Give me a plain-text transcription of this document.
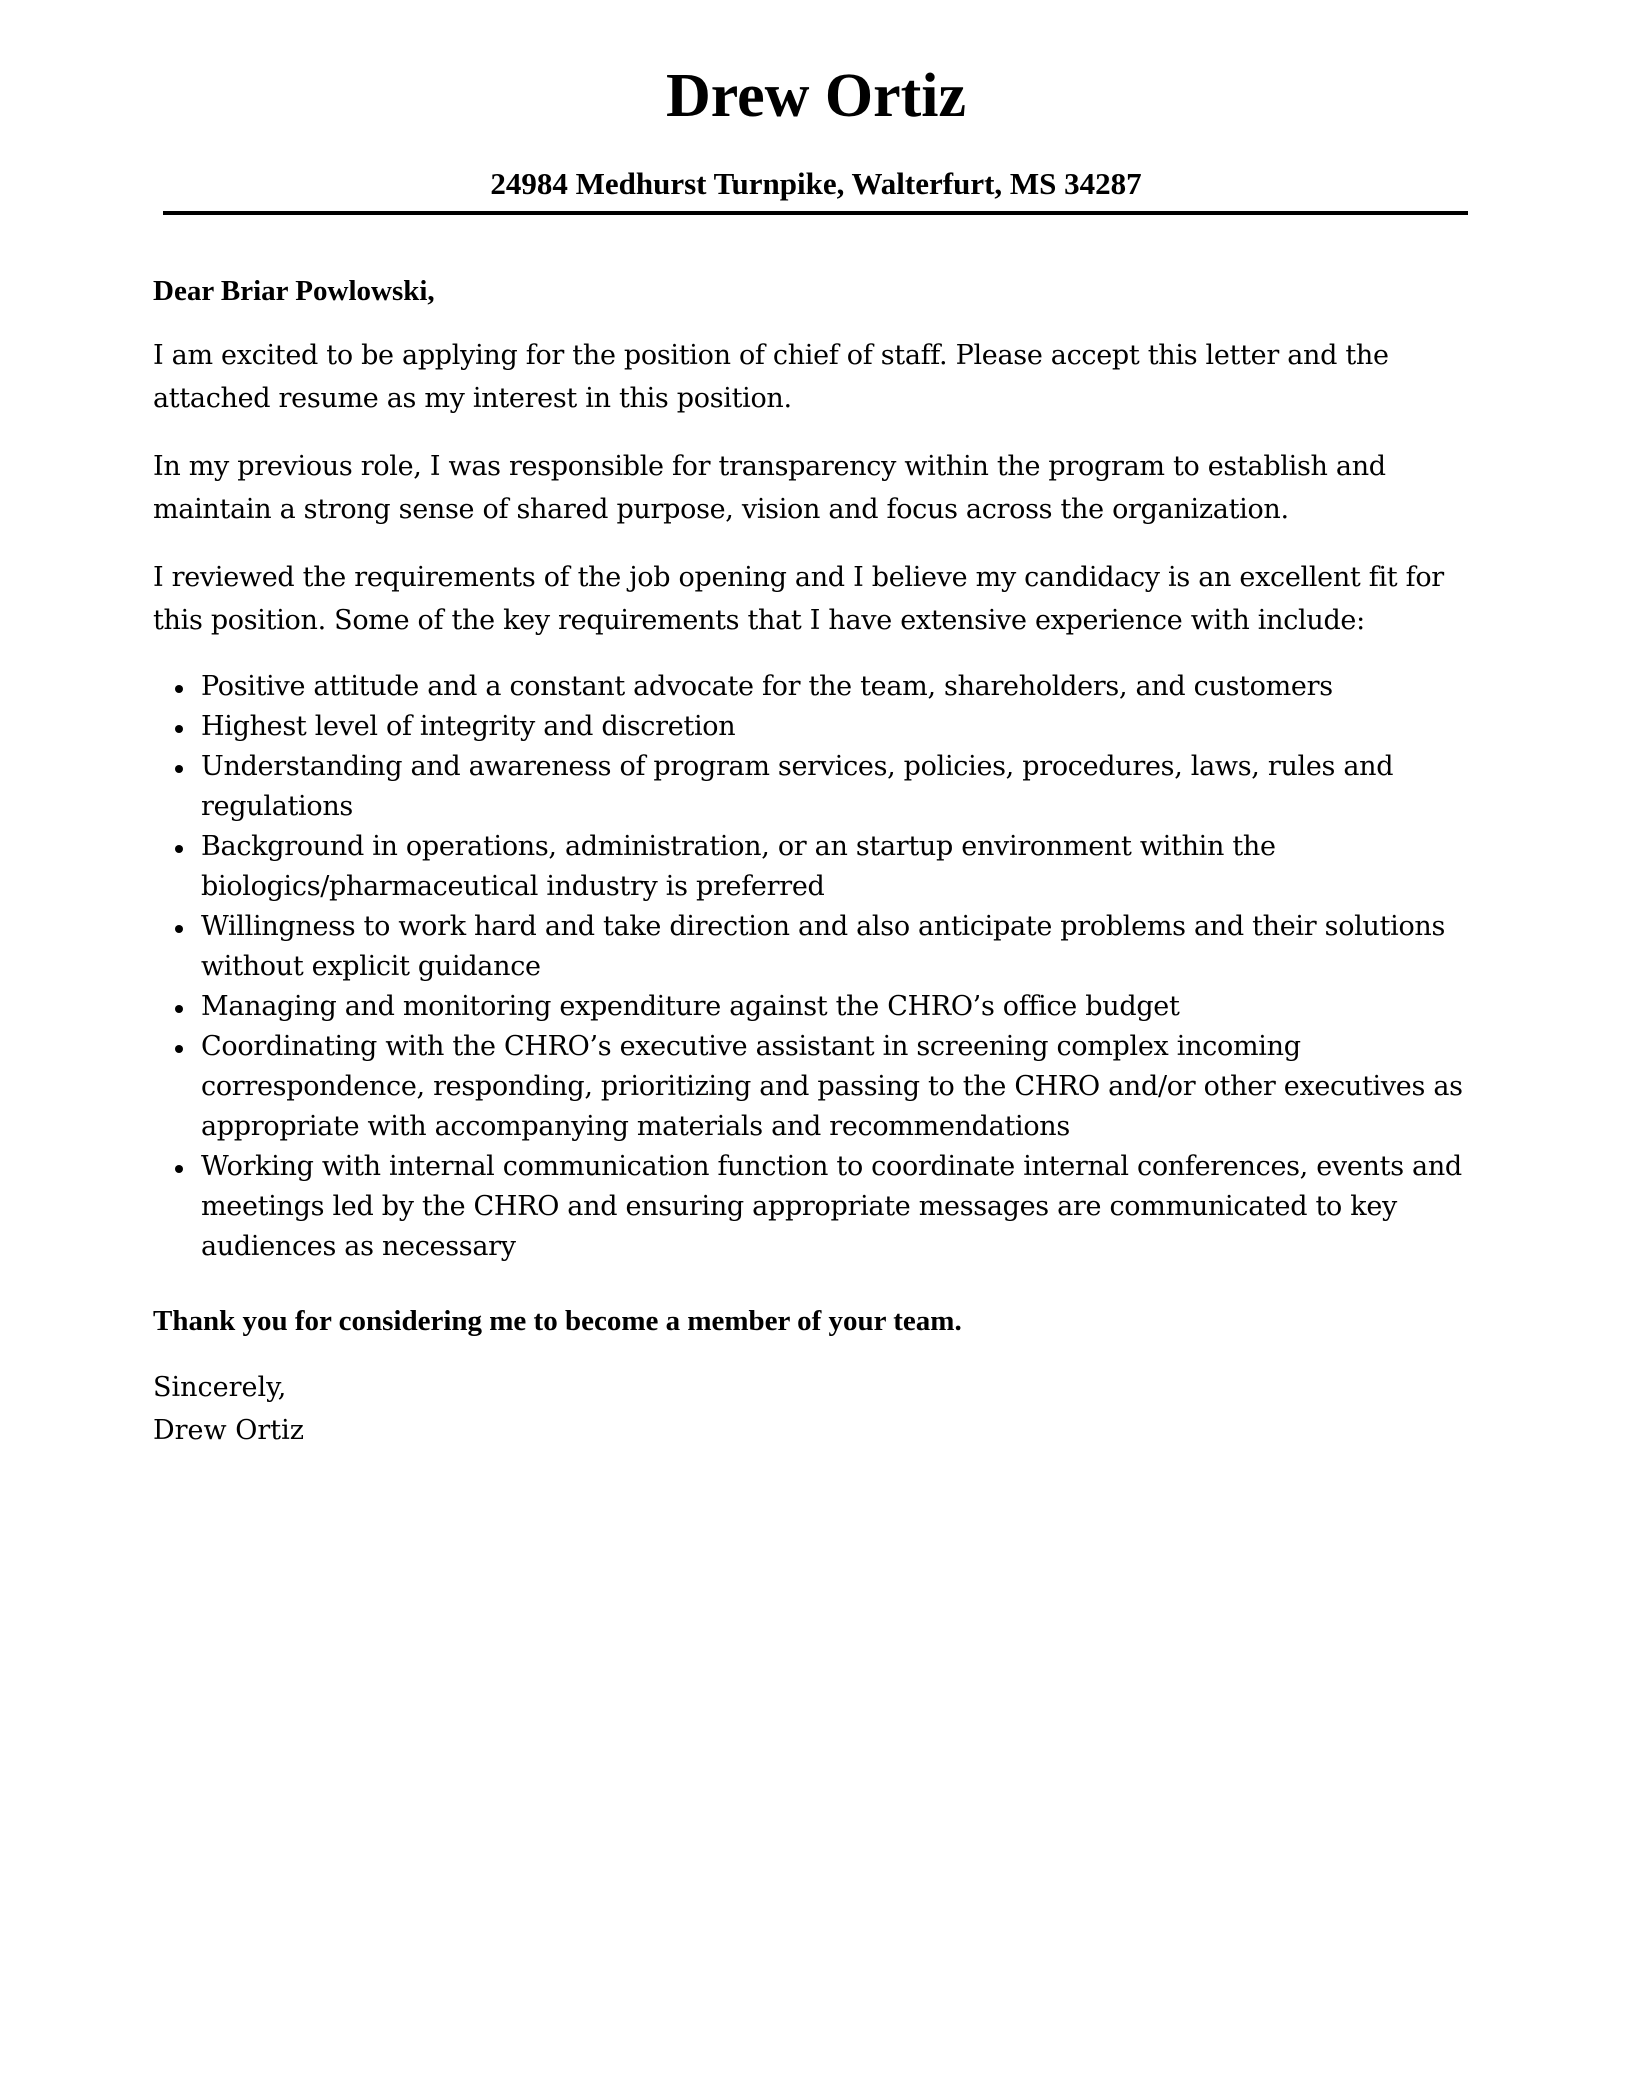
Drew Ortiz
24984 Medhurst Turnpike, Walterfurt, MS 34287

Dear Briar Powlowski,

I am excited to be applying for the position of chief of staff. Please accept this letter and the attached resume as my interest in this position.

In my previous role, I was responsible for transparency within the program to establish and maintain a strong sense of shared purpose, vision and focus across the organization.

I reviewed the requirements of the job opening and I believe my candidacy is an excellent fit for this position. Some of the key requirements that I have extensive experience with include:

Positive attitude and a constant advocate for the team, shareholders, and customers
Highest level of integrity and discretion
Understanding and awareness of program services, policies, procedures, laws, rules and regulations
Background in operations, administration, or an startup environment within the biologics/pharmaceutical industry is preferred
Willingness to work hard and take direction and also anticipate problems and their solutions without explicit guidance
Managing and monitoring expenditure against the CHRO’s office budget
Coordinating with the CHRO’s executive assistant in screening complex incoming correspondence, responding, prioritizing and passing to the CHRO and/or other executives as appropriate with accompanying materials and recommendations
Working with internal communication function to coordinate internal conferences, events and meetings led by the CHRO and ensuring appropriate messages are communicated to key audiences as necessary

Thank you for considering me to become a member of your team.

Sincerely,

Drew Ortiz
